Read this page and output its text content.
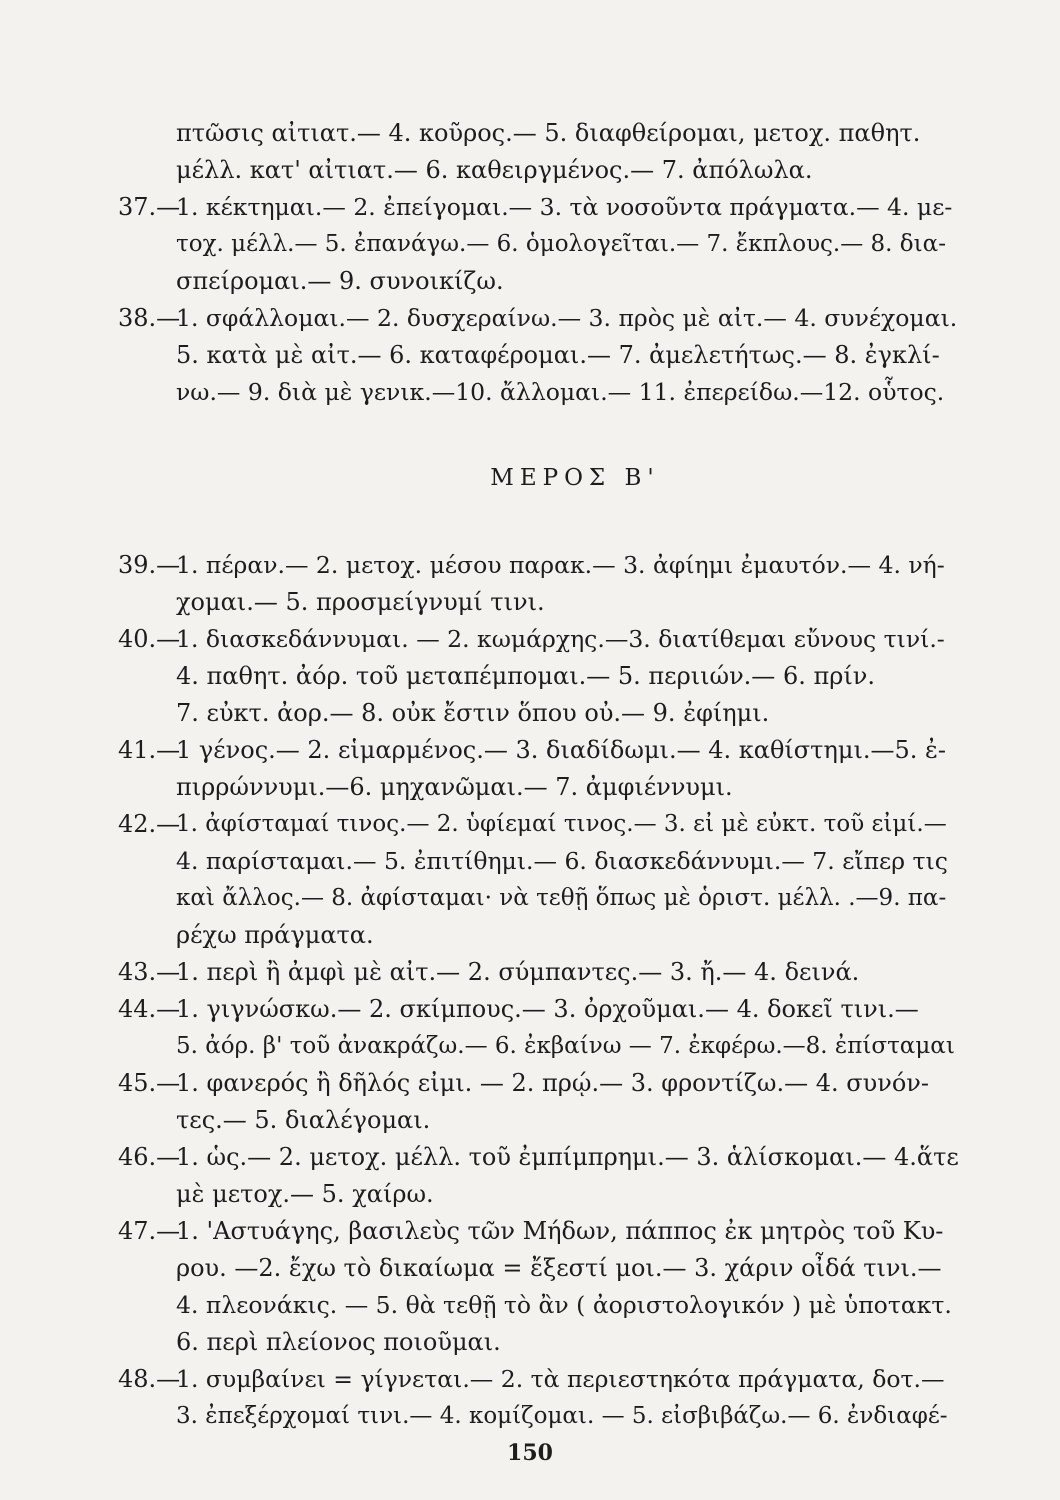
πτῶσις αἰτιατ.— 4. κοῦρος.— 5. διαφθείρομαι, μετοχ. παθητ.
μέλλ. κατ' αἰτιατ.— 6. καθειργμένος.— 7. ἀπόλωλα.
37.—
1. κέκτημαι.— 2. ἐπείγομαι.— 3. τὰ νοσοῦντα πράγματα.— 4. με-
τοχ. μέλλ.— 5. ἐπανάγω.— 6. ὁμολογεῖται.— 7. ἔκπλους.— 8. δια-
σπείρομαι.— 9. συνοικίζω.
38.—
1. σφάλλομαι.— 2. δυσχεραίνω.— 3. πρὸς μὲ αἰτ.— 4. συνέχομαι.
5. κατὰ μὲ αἰτ.— 6. καταφέρομαι.— 7. ἀμελετήτως.— 8. ἐγκλί-
νω.— 9. διὰ μὲ γενικ.—10. ἄλλομαι.— 11. ἐπερείδω.—12. οὗτος.
ΜΕΡΟΣ Β'
39.—
1. πέραν.— 2. μετοχ. μέσου παρακ.— 3. ἀφίημι ἐμαυτόν.— 4. νή-
χομαι.— 5. προσμείγνυμί τινι.
40.—
1. διασκεδάννυμαι. — 2. κωμάρχης.—3. διατίθεμαι εὔνους τινί.-
4. παθητ. ἀόρ. τοῦ μεταπέμπομαι.— 5. περιιών.— 6. πρίν.
7. εὐκτ. ἀορ.— 8. οὐκ ἔστιν ὅπου οὐ.— 9. ἐφίημι.
41.—
1 γένος.— 2. εἱμαρμένος.— 3. διαδίδωμι.— 4. καθίστημι.—5. ἐ-
πιρρώννυμι.—6. μηχανῶμαι.— 7. ἀμφιέννυμι.
42.—
1. ἀφίσταμαί τινος.— 2. ὑφίεμαί τινος.— 3. εἰ μὲ εὐκτ. τοῦ εἰμί.—
4. παρίσταμαι.— 5. ἐπιτίθημι.— 6. διασκεδάννυμι.— 7. εἴπερ τις
καὶ ἄλλος.— 8. ἀφίσταμαι· νὰ τεθῇ ὅπως μὲ ὁριστ. μέλλ. .—9. πα-
ρέχω πράγματα.
43.—
1. περὶ ἢ ἀμφὶ μὲ αἰτ.— 2. σύμπαντες.— 3. ἤ.— 4. δεινά.
44.—
1. γιγνώσκω.— 2. σκίμπους.— 3. ὀρχοῦμαι.— 4. δοκεῖ τινι.—
5. ἀόρ. β' τοῦ ἀνακράζω.— 6. ἐκβαίνω — 7. ἐκφέρω.—8. ἐπίσταμαι
45.—
1. φανερός ἢ δῆλός εἰμι. — 2. πρῴ.— 3. φροντίζω.— 4. συνόν-
τες.— 5. διαλέγομαι.
46.—
1. ὡς.— 2. μετοχ. μέλλ. τοῦ ἐμπίμπρημι.— 3. ἁλίσκομαι.— 4.ἅτε
μὲ μετοχ.— 5. χαίρω.
47.—
1. 'Αστυάγης, βασιλεὺς τῶν Μήδων, πάππος ἐκ μητρὸς τοῦ Κυ-
ρου. —2. ἔχω τὸ δικαίωμα = ἔξεστί μοι.— 3. χάριν οἶδά τινι.—
4. πλεονάκις. — 5. θὰ τεθῇ τὸ ἂν ( ἀοριστολογικόν ) μὲ ὑποτακτ.
6. περὶ πλείονος ποιοῦμαι.
48.—
1. συμβαίνει = γίγνεται.— 2. τὰ περιεστηκότα πράγματα, δοτ.—
3. ἐπεξέρχομαί τινι.— 4. κομίζομαι. — 5. εἰσβιβάζω.— 6. ἐνδιαφέ-
150
